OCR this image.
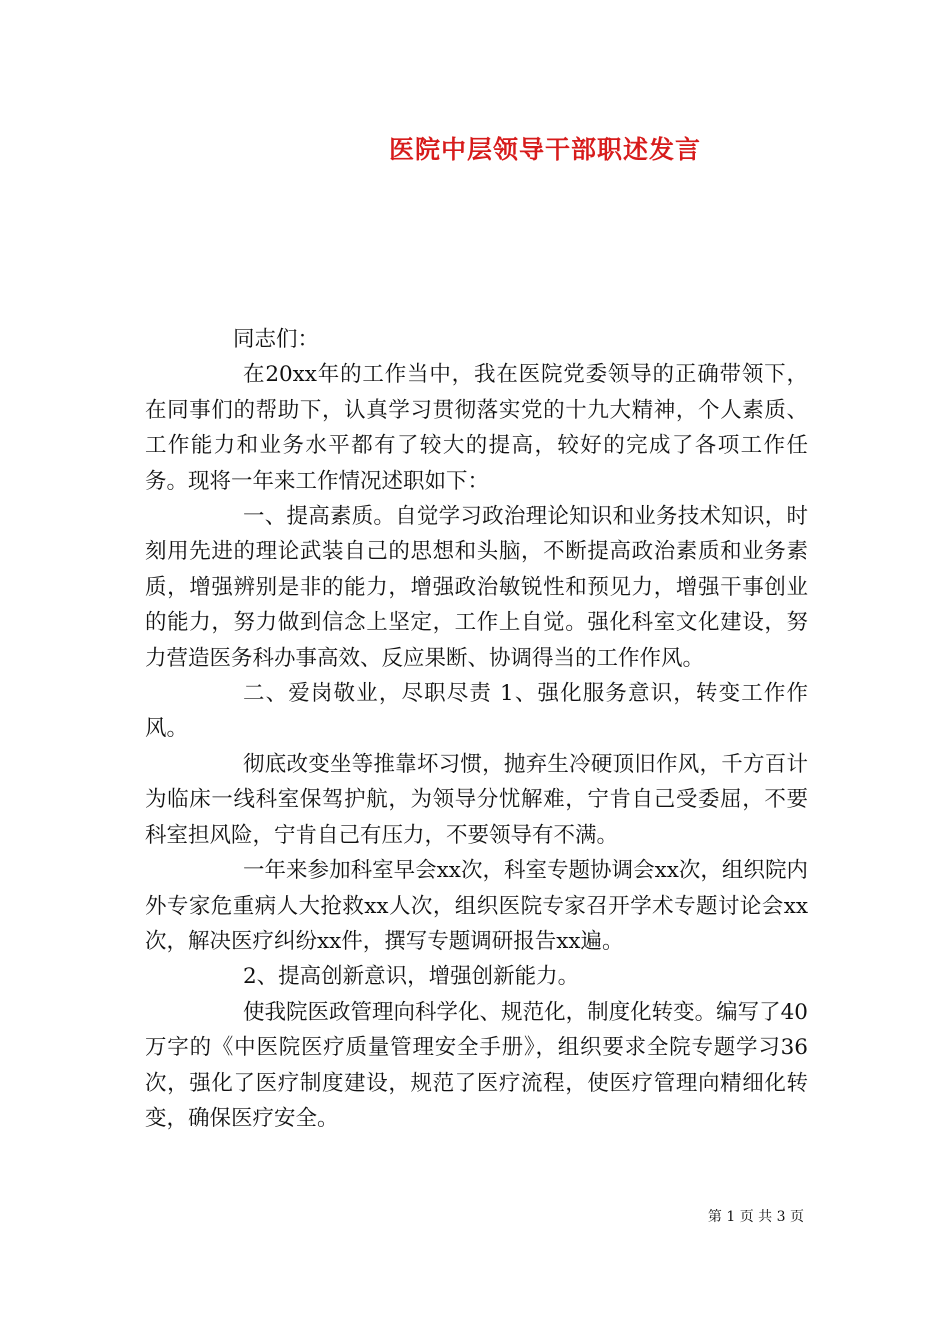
医院中层领导干部职述发言

同志们：

在20xx年的工作当中，我在医院党委领导的正确带领下，在同事们的帮助下，认真学习贯彻落实党的十九大精神，个人素质、工作能力和业务水平都有了较大的提高，较好的完成了各项工作任务。现将一年来工作情况述职如下：

一、提高素质。自觉学习政治理论知识和业务技术知识，时刻用先进的理论武装自己的思想和头脑，不断提高政治素质和业务素质，增强辨别是非的能力，增强政治敏锐性和预见力，增强干事创业的能力，努力做到信念上坚定，工作上自觉。强化科室文化建设，努力营造医务科办事高效、反应果断、协调得当的工作作风。

二、爱岗敬业，尽职尽责 1、强化服务意识，转变工作作风。

彻底改变坐等推靠坏习惯，抛弃生冷硬顶旧作风，千方百计为临床一线科室保驾护航，为领导分忧解难，宁肯自己受委屈，不要科室担风险，宁肯自己有压力，不要领导有不满。

一年来参加科室早会xx次，科室专题协调会xx次，组织院内外专家危重病人大抢救xx人次，组织医院专家召开学术专题讨论会xx次，解决医疗纠纷xx件，撰写专题调研报告xx遍。

2、提高创新意识，增强创新能力。

使我院医政管理向科学化、规范化，制度化转变。编写了40万字的《中医院医疗质量管理安全手册》，组织要求全院专题学习36次，强化了医疗制度建设，规范了医疗流程，使医疗管理向精细化转变，确保医疗安全。

第 1 页 共 3 页
